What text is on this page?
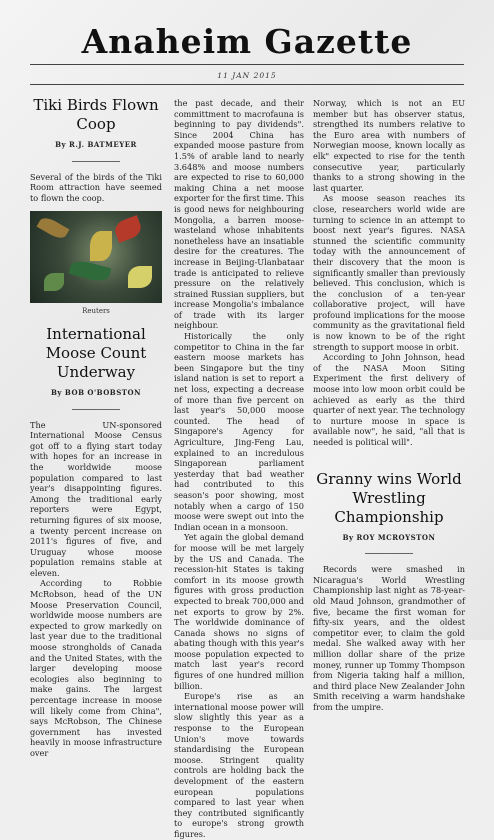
Anaheim Gazette
11 JAN 2015
Tiki Birds Flown Coop
By R.J. BATMEYER

Several of the birds of the Tiki Room attraction have seemed to flown the coop.

Reuters
International Moose Count Underway
By BOB O'BOBSTON

The UN-sponsored International Moose Census got off to a flying start today with hopes for an increase in the worldwide moose population compared to last year's disappointing figures. Among the traditional early reporters were Egypt, returning figures of six moose, a twenty percent increase on 2011's figures of five, and Uruguay whose moose population remains stable at eleven.

According to Robbie McRobson, head of the UN Moose Preservation Council, worldwide moose numbers are expected to grow markedly on last year due to the traditional moose strongholds of Canada and the United States, with the larger developing moose ecologies also beginning to make gains. The largest percentage increase in moose will likely come from China", says McRobson, The Chinese government has invested heavily in moose infrastructure over

the past decade, and their committment to macrofauna is beginning to pay dividends". Since 2004 China has expanded moose pasture from 1.5% of arable land to nearly 3.648% and moose numbers are expected to rise to 60,000 making China a net moose exporter for the first time. This is good news for neighbouring Mongolia, a barren moose-wasteland whose inhabitents nonetheless have an insatiable desire for the creatures. The increase in Beijing-Ulanbataar trade is anticipated to relieve pressure on the relatively strained Russian suppliers, but increase Mongolia's imbalance of trade with its larger neighbour.

Historically the only competitor to China in the far eastern moose markets has been Singapore but the tiny island nation is set to report a net loss, expecting a decrease of more than five percent on last year's 50,000 moose counted. The head of Singapore's Agency for Agriculture, Jing-Feng Lau, explained to an incredulous Singaporean parliament yesterday that bad weather had contributed to this season's poor showing, most notably when a cargo of 150 moose were swept out into the Indian ocean in a monsoon.

Yet again the global demand for moose will be met largely by the US and Canada. The recession-hit States is taking comfort in its moose growth figures with gross production expected to break 700,000 and net exports to grow by 2%. The worldwide dominance of Canada shows no signs of abating though with this year's moose population expected to match last year's record figures of one hundred million billion.

Europe's rise as an international moose power will slow slightly this year as a response to the European Union's move towards standardising the European moose. Stringent quality controls are holding back the development of the eastern european populations compared to last year when they contributed significantly to europe's strong growth figures.

Norway, which is not an EU member but has observer status, strengthed its numbers relative to the Euro area with numbers of Norwegian moose, known locally as elk" expected to rise for the tenth consecutive year, particularly thanks to a strong showing in the last quarter.

As moose season reaches its close, researchers world wide are turning to science in an attempt to boost next year's figures. NASA stunned the scientific community today with the announcement of their discovery that the moon is significantly smaller than previously believed. This conclusion, which is the conclusion of a ten-year collaborative project, will have profound implications for the moose community as the gravitational field is now known to be of the right strength to support moose in orbit.

According to John Johnson, head of the NASA Moon Siting Experiment the first delivery of moose into low moon orbit could be achieved as early as the third quarter of next year. The technology to nurture moose in space is available now", he said, "all that is needed is political will".

Granny wins World Wrestling Championship
By ROY MCROYSTON

Records were smashed in Nicaragua's World Wrestling Championship last night as 78-year-old Maud Johnson, grandmother of five, became the first woman for fifty-six years, and the oldest competitor ever, to claim the gold medal. She walked away with her million dollar share of the prize money, runner up Tommy Thompson from Nigeria taking half a million, and third place New Zealander John Smith receiving a warm handshake from the umpire.
